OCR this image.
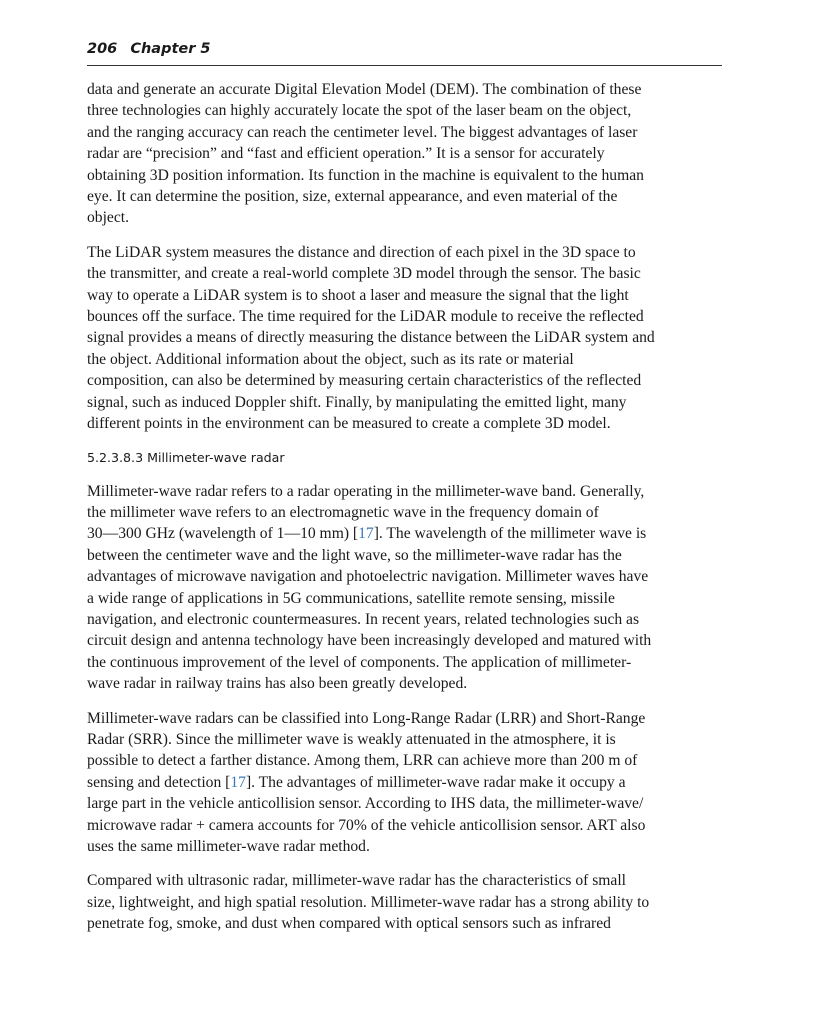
206 Chapter 5

data and generate an accurate Digital Elevation Model (DEM). The combination of these
three technologies can highly accurately locate the spot of the laser beam on the object,
and the ranging accuracy can reach the centimeter level. The biggest advantages of laser
radar are “precision” and “fast and efficient operation.” It is a sensor for accurately
obtaining 3D position information. Its function in the machine is equivalent to the human
eye. It can determine the position, size, external appearance, and even material of the
object.

The LiDAR system measures the distance and direction of each pixel in the 3D space to
the transmitter, and create a real-world complete 3D model through the sensor. The basic
way to operate a LiDAR system is to shoot a laser and measure the signal that the light
bounces off the surface. The time required for the LiDAR module to receive the reflected
signal provides a means of directly measuring the distance between the LiDAR system and
the object. Additional information about the object, such as its rate or material
composition, can also be determined by measuring certain characteristics of the reflected
signal, such as induced Doppler shift. Finally, by manipulating the emitted light, many
different points in the environment can be measured to create a complete 3D model.

5.2.3.8.3 Millimeter-wave radar

Millimeter-wave radar refers to a radar operating in the millimeter-wave band. Generally,
the millimeter wave refers to an electromagnetic wave in the frequency domain of
30—300 GHz (wavelength of 1—10 mm) [17]. The wavelength of the millimeter wave is
between the centimeter wave and the light wave, so the millimeter-wave radar has the
advantages of microwave navigation and photoelectric navigation. Millimeter waves have
a wide range of applications in 5G communications, satellite remote sensing, missile
navigation, and electronic countermeasures. In recent years, related technologies such as
circuit design and antenna technology have been increasingly developed and matured with
the continuous improvement of the level of components. The application of millimeter-
wave radar in railway trains has also been greatly developed.

Millimeter-wave radars can be classified into Long-Range Radar (LRR) and Short-Range
Radar (SRR). Since the millimeter wave is weakly attenuated in the atmosphere, it is
possible to detect a farther distance. Among them, LRR can achieve more than 200 m of
sensing and detection [17]. The advantages of millimeter-wave radar make it occupy a
large part in the vehicle anticollision sensor. According to IHS data, the millimeter-wave/
microwave radar + camera accounts for 70% of the vehicle anticollision sensor. ART also
uses the same millimeter-wave radar method.

Compared with ultrasonic radar, millimeter-wave radar has the characteristics of small
size, lightweight, and high spatial resolution. Millimeter-wave radar has a strong ability to
penetrate fog, smoke, and dust when compared with optical sensors such as infrared
